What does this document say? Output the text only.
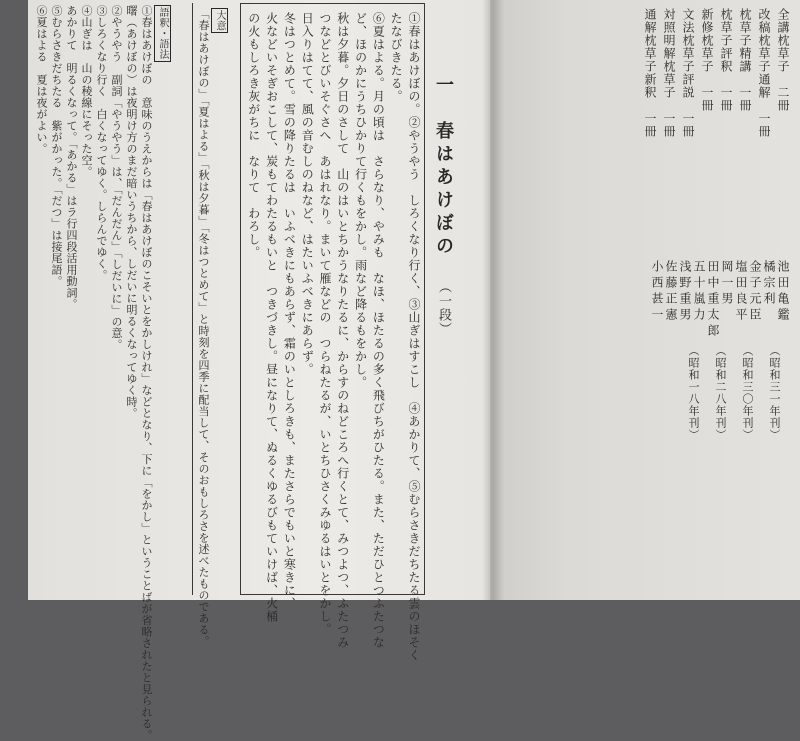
一　春はあけぼの （一段）
①春はあけぼの。②やうやう　しろくなり行く、③山ぎはすこし　④あかりて、⑤むらさきだちたる雲のほそく
たなびきたる。
⑥夏はよる。月の頃は　さらなり、やみも　なほ、ほたるの多く飛びちがひたる。また、ただひとつふたつな
ど、ほのかにうちひかりて行くもをかし。雨など降るもをかし。
秋は夕暮。夕日のさして　山のはいとちかうなりたるに、からすのねどころへ行くとて、みつよつ、ふたつみ
つなどとびいそぐさへ　あはれなり。まいて雁などの　つらねたるが、いとちひさくみゆるはいとをかし。
日入りはてて、風の音むしのねなど、はたいふべきにあらず。
冬はつとめて。雪の降りたるは　いふべきにもあらず、霜のいとしろきも、またさらでもいと寒きに、
火などいそぎおこして、炭もてわたるもいと　つきづきし。昼になりて、ぬるくゆるびもていけば、火桶
の火もしろき灰がちに　なりて　わろし。
大意
「春はあけぼの」「夏はよる」「秋は夕暮」「冬はつとめて」と時刻を四季に配当して、そのおもしろさを述べたものである。
語釈・語法
①春はあけぼの　意味のうえからは「春はあけぼのこそいとをかしけれ」などとなり、下に「をかし」ということばが省略されたと見られる。
曙（あけぼの）は夜明け方のまだ暗いうちから、しだいに明るくなってゆく時。
②やうやう　副詞「やうやう」は、「だんだん」「しだいに」の意。
③しろくなり行く　白くなってゆく。しらんでゆく。
④山ぎは　山の稜線にそった空。
あかりて　明るくなって。「あかる」はラ行四段活用動詞。
⑤むらさきだちたる　紫がかった。「だつ」は接尾語。
⑥夏はよる　夏は夜がよい。	全講枕草子　二冊
改稿枕草子通解　一冊
枕草子精講　一冊
枕草子評釈　一冊
新修枕草子　一冊
文法枕草子評説　一冊
対照明解枕草子　一冊
通解枕草子新釈　一冊
池田亀鑑
橘宗利
金子元臣
塩田良平
岡一男
田中重太郎
五十嵐力
浅野重男
佐藤正憲
小西甚一
（昭和三一年刊）
（昭和三〇年刊）
（昭和二八年刊）
（昭和一八年刊）
